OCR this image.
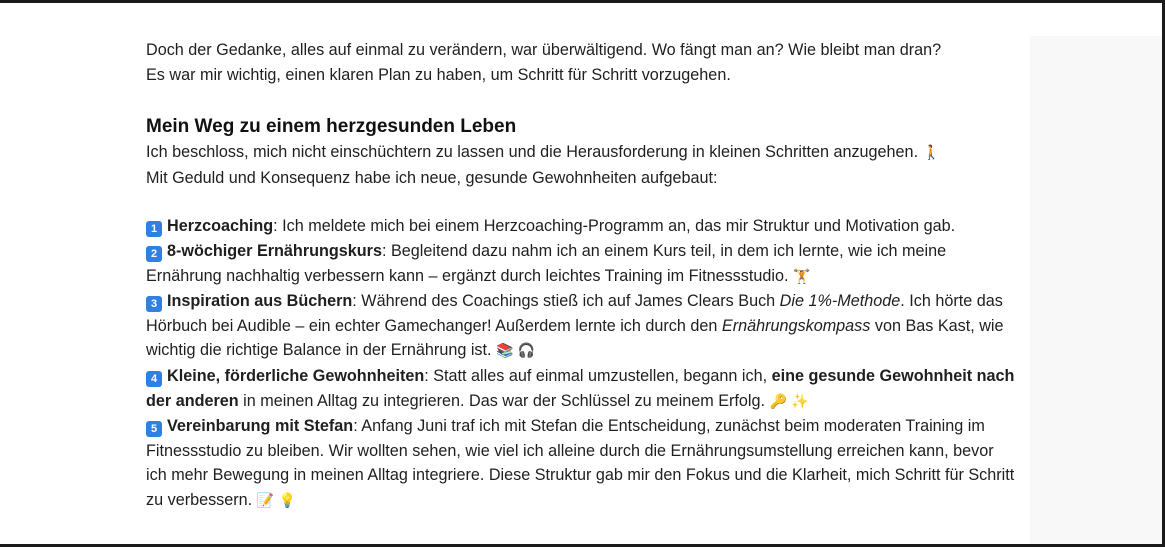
Doch der Gedanke, alles auf einmal zu verändern, war überwältigend. Wo fängt man an? Wie bleibt man dran?
Es war mir wichtig, einen klaren Plan zu haben, um Schritt für Schritt vorzugehen.

Mein Weg zu einem herzgesunden Leben

Ich beschloss, mich nicht einschüchtern zu lassen und die Herausforderung in kleinen Schritten anzugehen. 🚶
Mit Geduld und Konsequenz habe ich neue, gesunde Gewohnheiten aufgebaut:

1 Herzcoaching: Ich meldete mich bei einem Herzcoaching-Programm an, das mir Struktur und Motivation gab.

2 8-wöchiger Ernährungskurs: Begleitend dazu nahm ich an einem Kurs teil, in dem ich lernte, wie ich meine Ernährung nachhaltig verbessern kann – ergänzt durch leichtes Training im Fitnessstudio. 🏋

3 Inspiration aus Büchern: Während des Coachings stieß ich auf James Clears Buch Die 1%-Methode. Ich hörte das Hörbuch bei Audible – ein echter Gamechanger! Außerdem lernte ich durch den Ernährungskompass von Bas Kast, wie wichtig die richtige Balance in der Ernährung ist. 📚 🎧

4 Kleine, förderliche Gewohnheiten: Statt alles auf einmal umzustellen, begann ich, eine gesunde Gewohnheit nach der anderen in meinen Alltag zu integrieren. Das war der Schlüssel zu meinem Erfolg. 🔑 ✨

5 Vereinbarung mit Stefan: Anfang Juni traf ich mit Stefan die Entscheidung, zunächst beim moderaten Training im Fitnessstudio zu bleiben. Wir wollten sehen, wie viel ich alleine durch die Ernährungsumstellung erreichen kann, bevor ich mehr Bewegung in meinen Alltag integriere. Diese Struktur gab mir den Fokus und die Klarheit, mich Schritt für Schritt zu verbessern. 📝 💡
